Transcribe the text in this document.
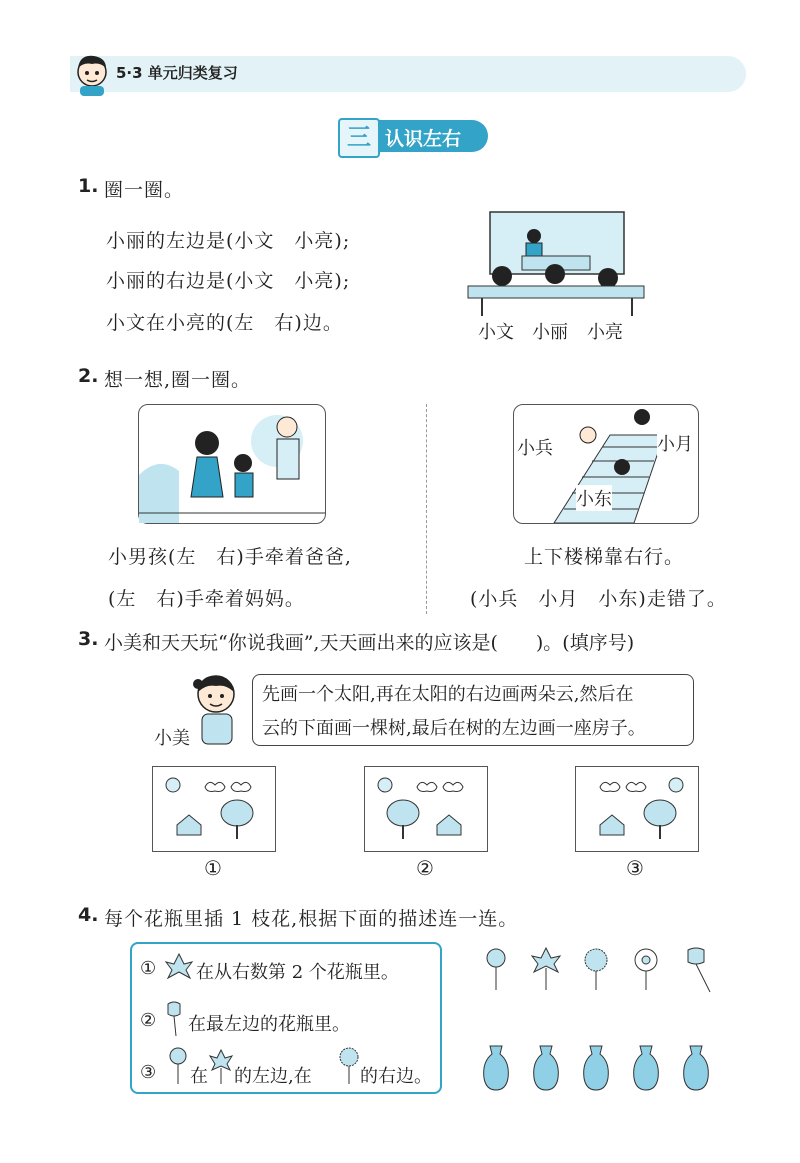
5·3 单元归类复习
三 认识左右
1. 圈一圈。
小丽的左边是(小文　小亮);
小丽的右边是(小文　小亮);
小文在小亮的(左　右)边。	小文 小丽 小亮
2. 想一想,圈一圈。
小兵	小月
小东
小男孩(左　右)手牵着爸爸,
(左　右)手牵着妈妈。
上下楼梯靠右行。
(小兵　小月　小东)走错了。
3. 小美和天天玩“你说我画”,天天画出来的应该是(　　)。(填序号)
小美
先画一个太阳,再在太阳的右边画两朵云,然后在
云的下面画一棵树,最后在树的左边画一座房子。
①	②	③
4. 每个花瓶里插 1 枝花,根据下面的描述连一连。
① 在从右数第 2 个花瓶里。
② 在最左边的花瓶里。
③ 在 的左边,在	的右边。
